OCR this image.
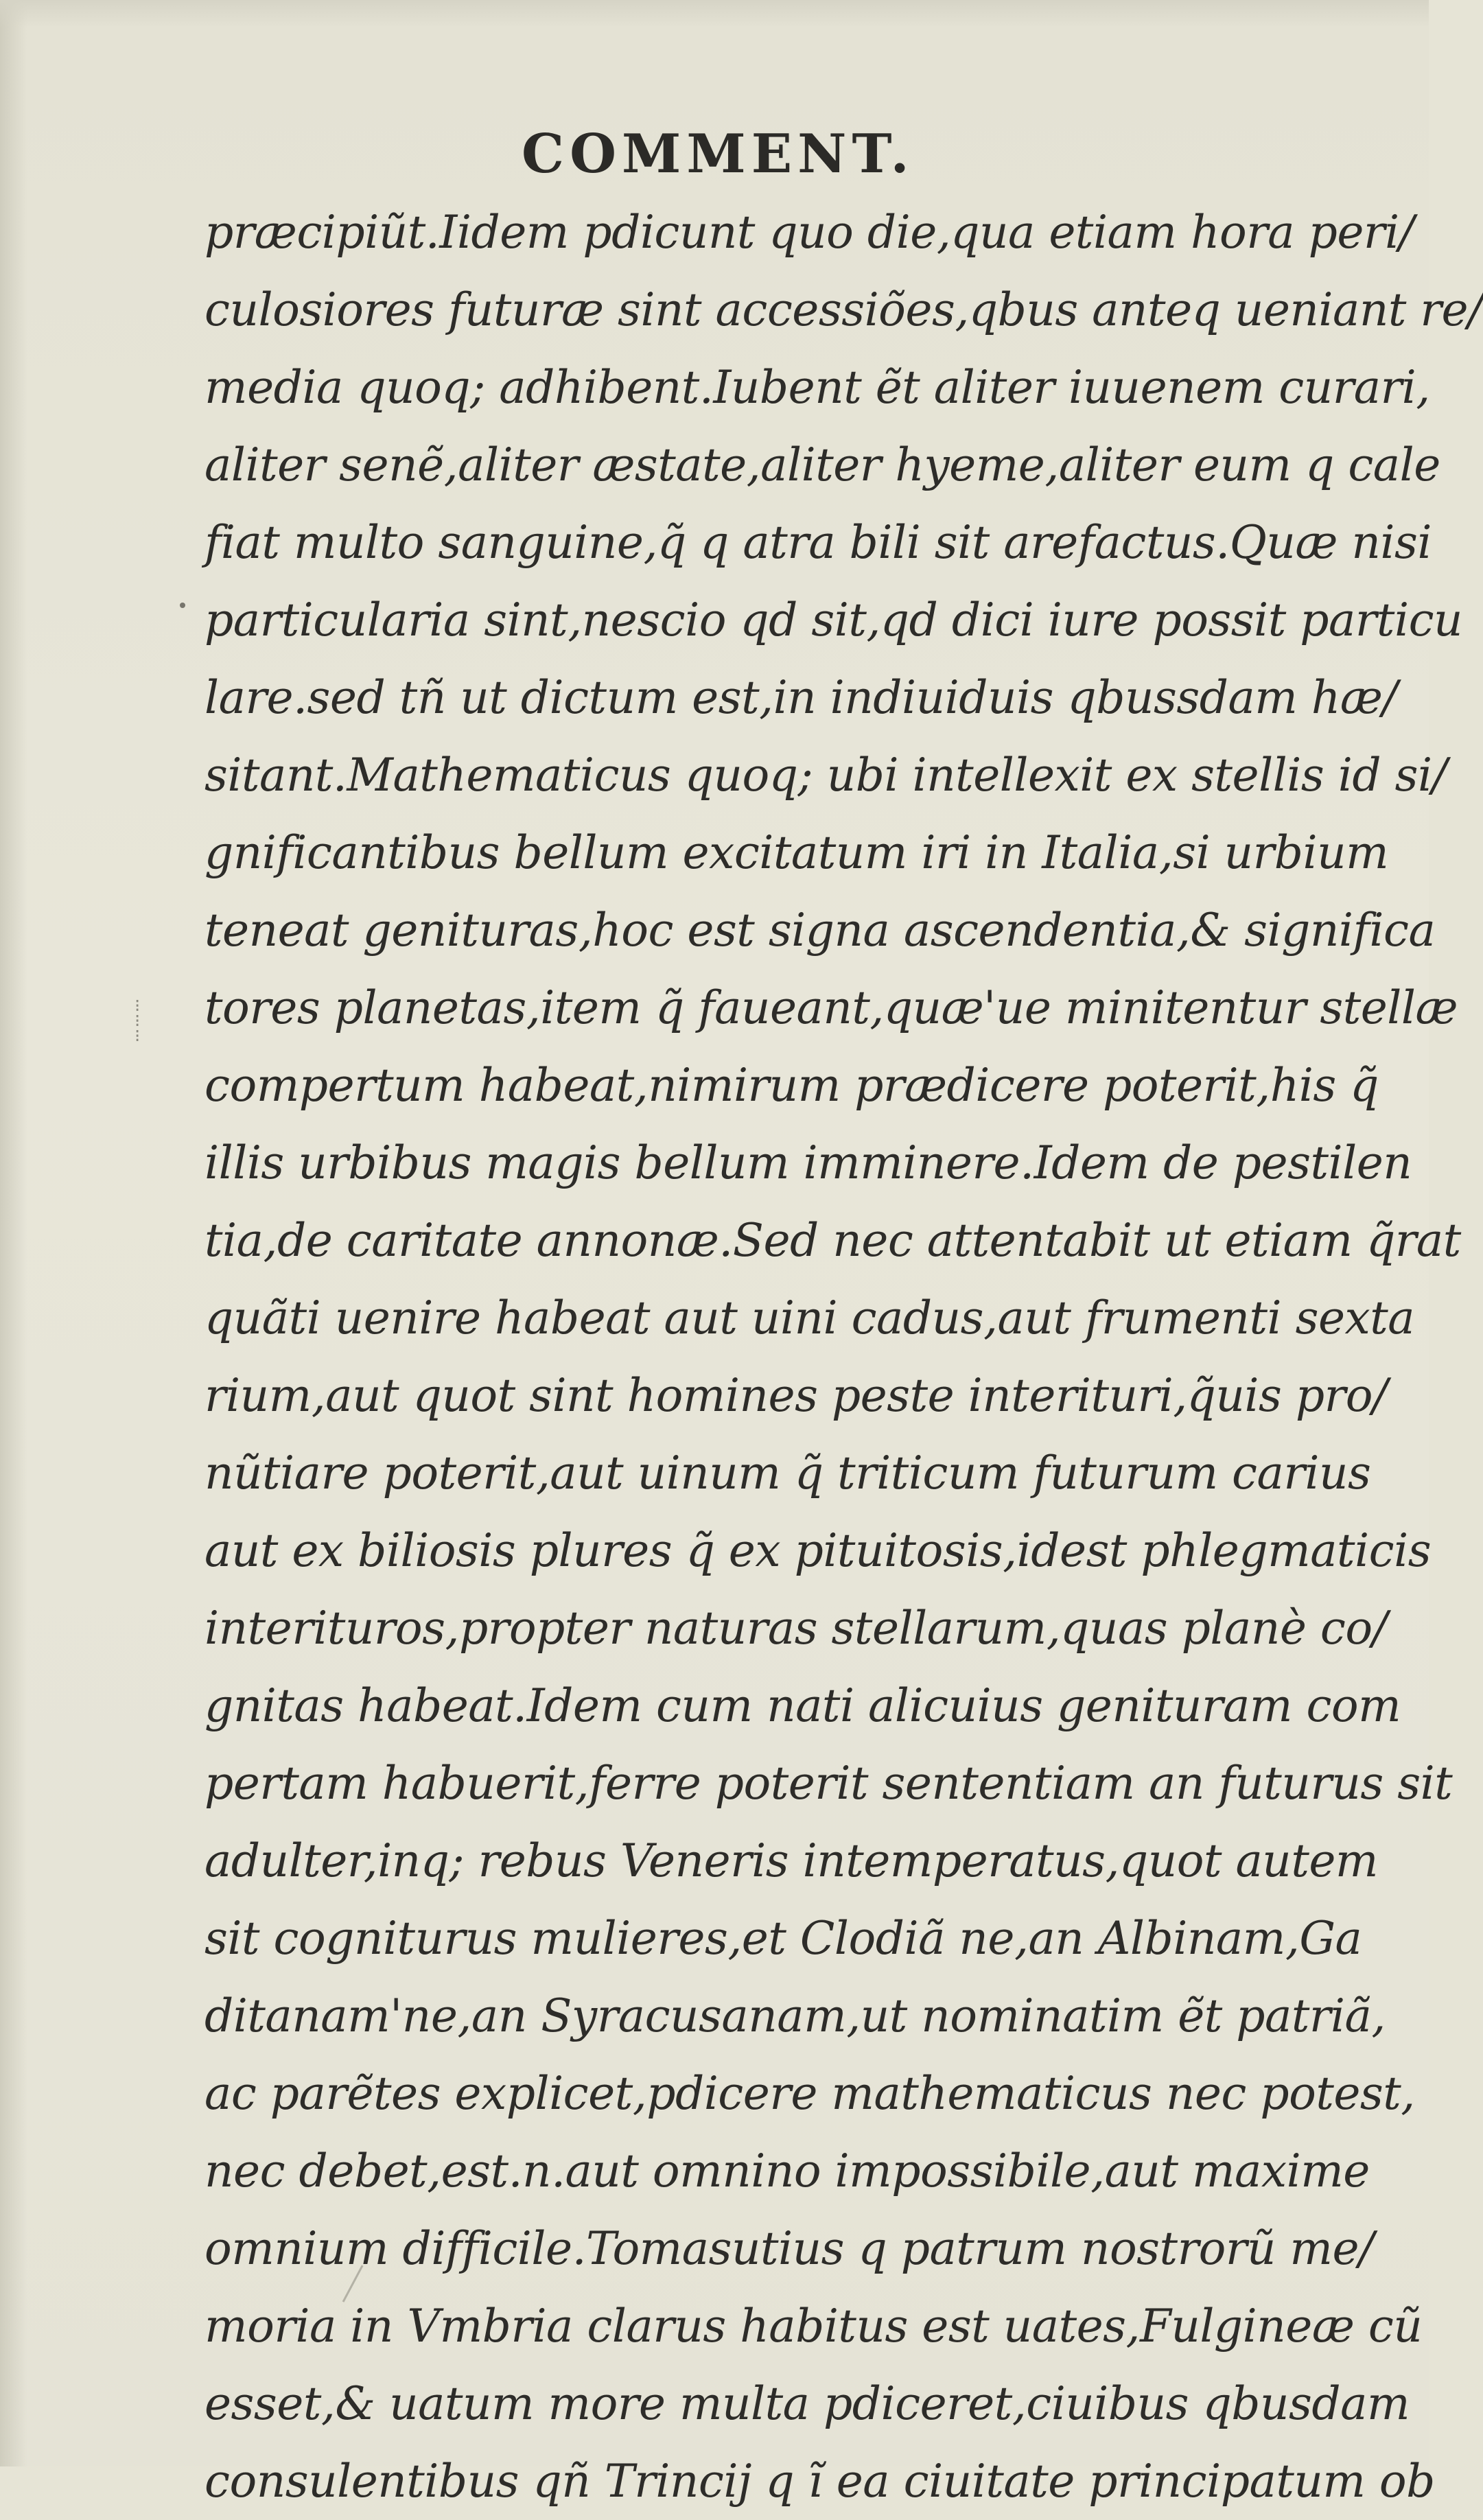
COMMENT.
⁝
⁝
⁝
præcipiũt.Iidem pdicunt quo die,qua etiam hora peri/
culosiores futuræ sint accessiões,qbus anteq ueniant re/
media quoq; adhibent.Iubent ẽt aliter iuuenem curari,
aliter senẽ,aliter æstate,aliter hyeme,aliter eum q cale
fiat multo sanguine,q̃ q atra bili sit arefactus.Quæ nisi
particularia sint,nescio qd sit,qd dici iure possit particu
lare.sed tñ ut dictum est,in indiuiduis qbussdam hæ/
sitant.Mathematicus quoq; ubi intellexit ex stellis id si/
gnificantibus bellum excitatum iri in Italia,si urbium
teneat genituras,hoc est signa ascendentia,& significa
tores planetas,item q̃ faueant,quæ'ue minitentur stellæ
compertum habeat,nimirum prædicere poterit,his q̃
illis urbibus magis bellum imminere.Idem de pestilen
tia,de caritate annonæ.Sed nec attentabit ut etiam q̃rat
quãti uenire habeat aut uini cadus,aut frumenti sexta
rium,aut quot sint homines peste interituri,q̃uis pro/
nũtiare poterit,aut uinum q̃ triticum futurum carius
aut ex biliosis plures q̃ ex pituitosis,idest phlegmaticis
interituros,propter naturas stellarum,quas planè co/
gnitas habeat.Idem cum nati alicuius genituram com
pertam habuerit,ferre poterit sententiam an futurus sit
adulter,inq; rebus Veneris intemperatus,quot autem
sit cogniturus mulieres,et Clodiã ne,an Albinam,Ga
ditanam'ne,an Syracusanam,ut nominatim ẽt patriã,
ac parẽtes explicet,pdicere mathematicus nec potest,
nec debet,est.n.aut omnino impossibile,aut maxime
omnium difficile.Tomasutius q patrum nostrorũ me/
moria in Vmbria clarus habitus est uates,Fulgineæ cũ
esset,& uatum more multa pdiceret,ciuibus qbusdam
consulentibus qñ Trincij q ĩ ea ciuitate principatum ob
